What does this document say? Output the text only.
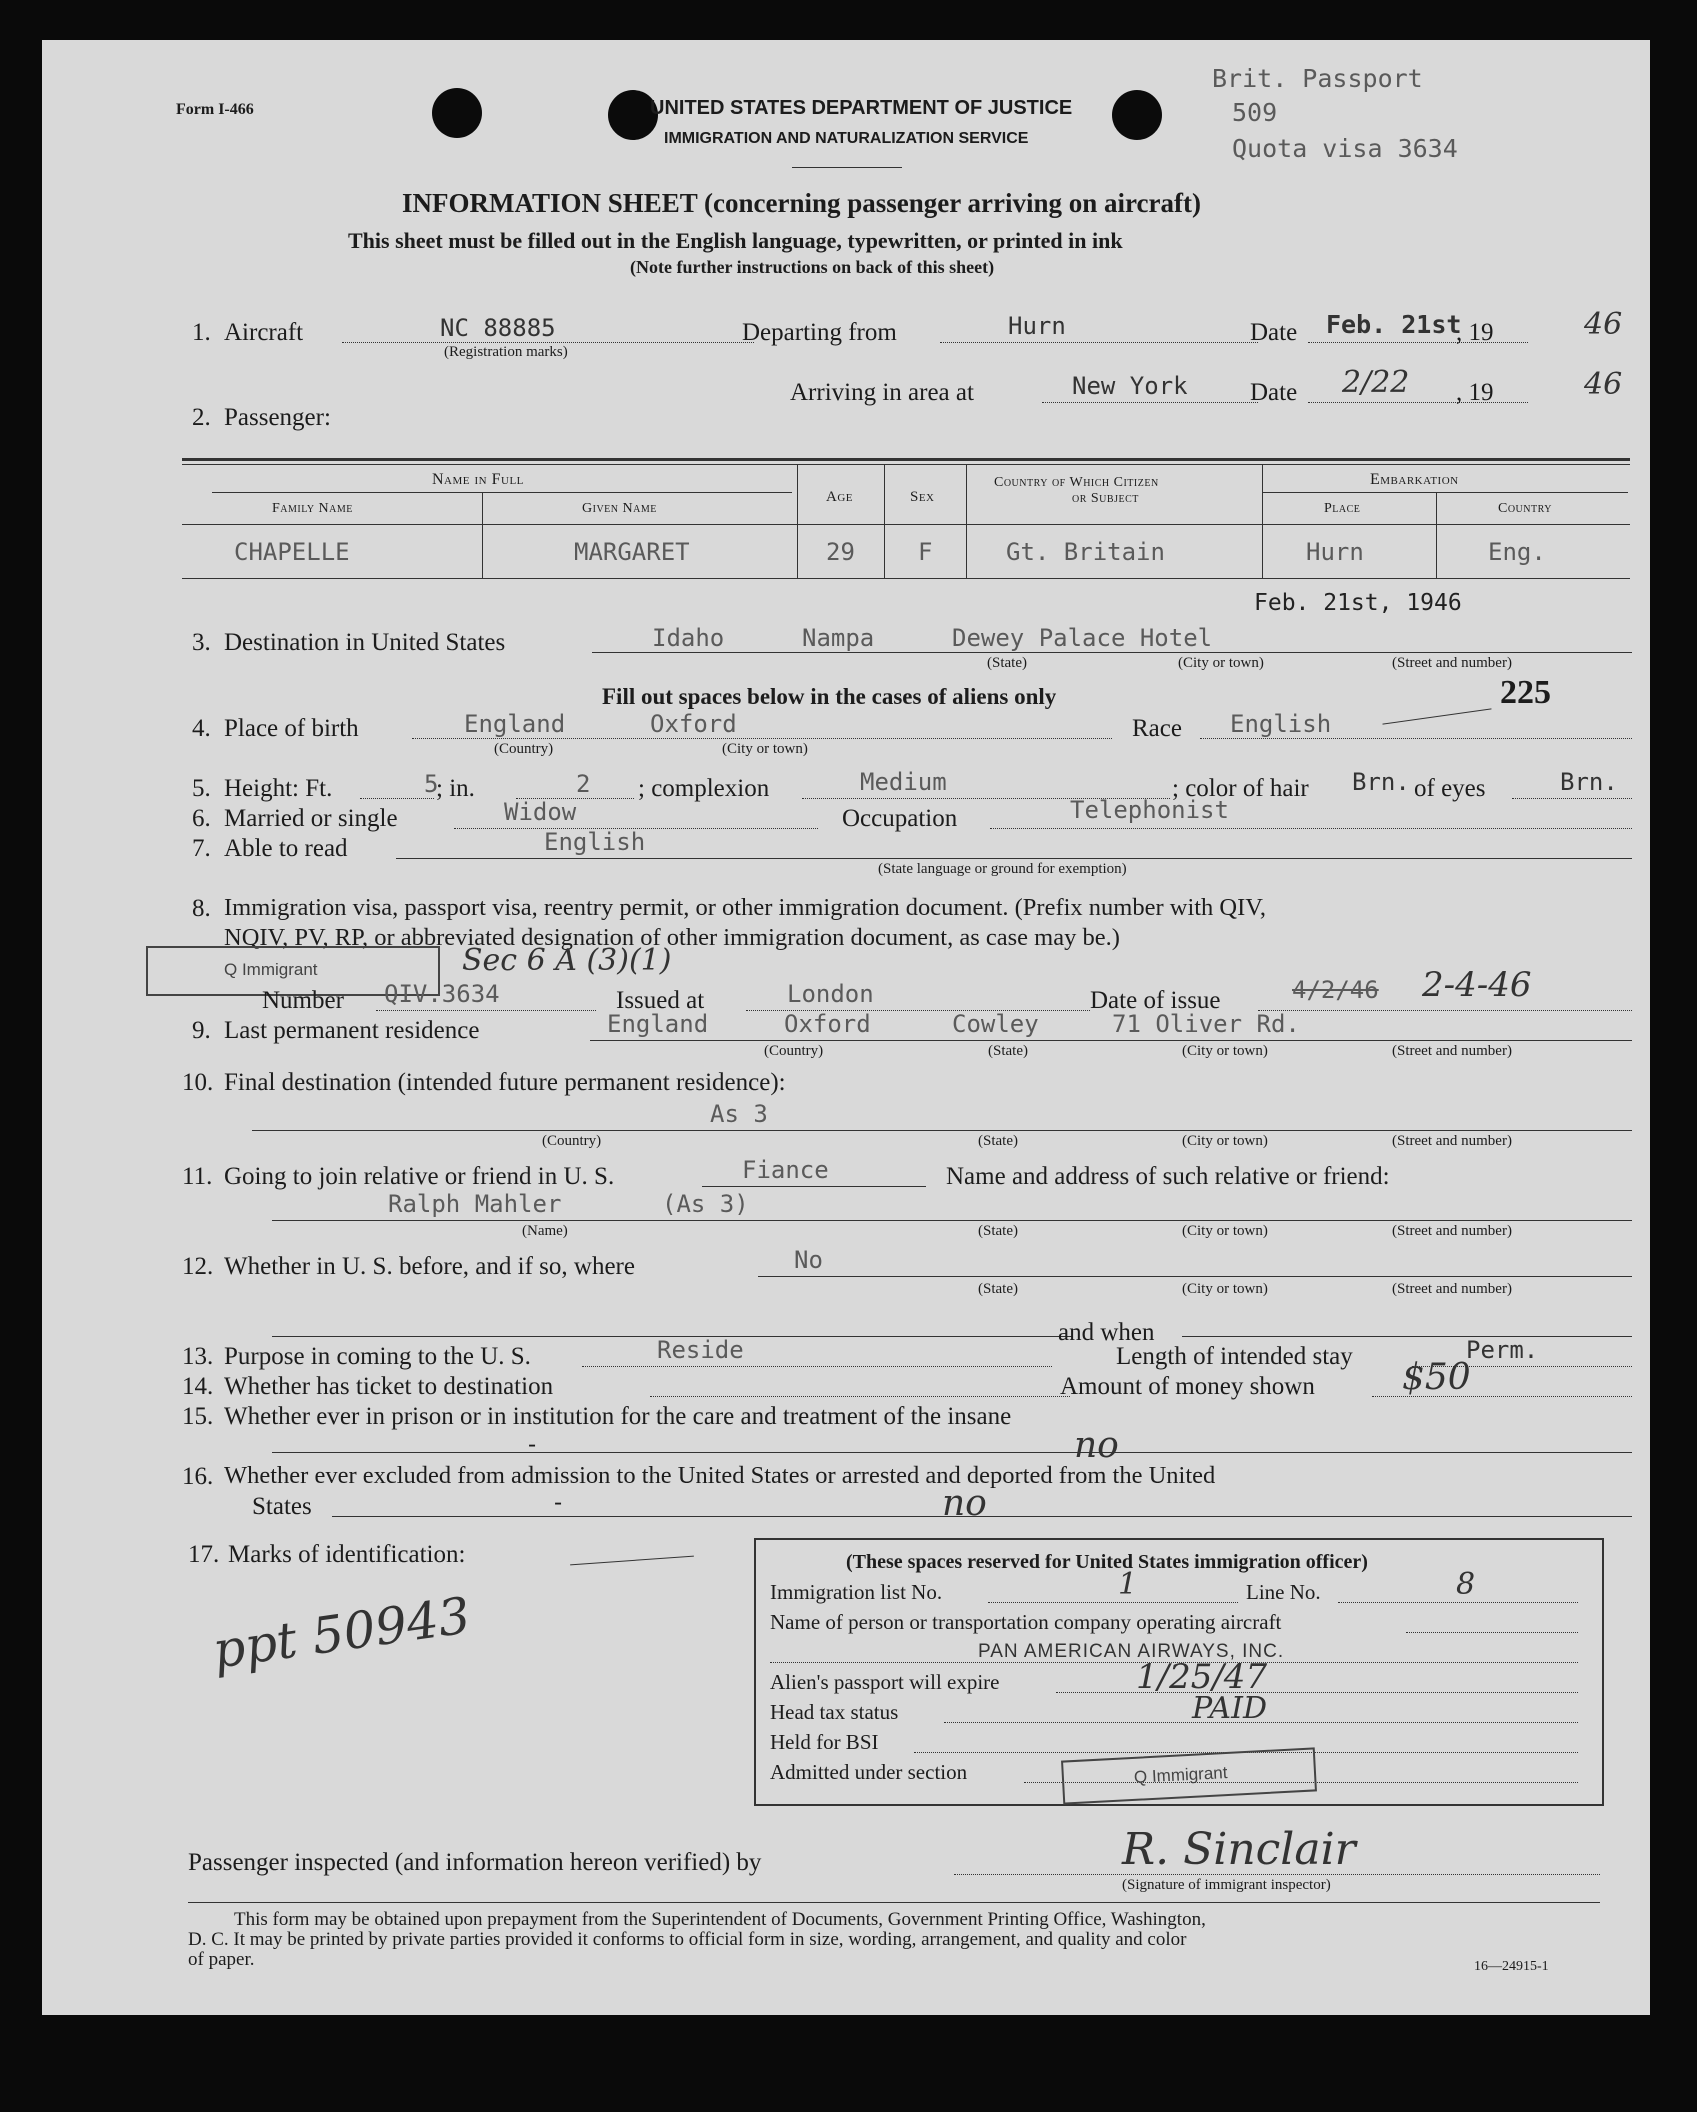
Form I-466	UNITED STATES DEPARTMENT OF JUSTICE
IMMIGRATION AND NATURALIZATION SERVICE
Brit. Passport
509
Quota visa 3634
INFORMATION SHEET (concerning passenger arriving on aircraft)
This sheet must be filled out in the English language, typewritten, or printed in ink
(Note further instructions on back of this sheet)
1. Aircraft	NC 88885
(Registration marks)
Departing from	Hurn	Date Feb. 21st
, 19	46
Arriving in area at	New York Date 2/22 , 19	46
2. Passenger:
Name in Full
Family Name	Given Name
Age	Sex
Country of Which Citizen
or Subject
Embarkation
Place	Country
CHAPELLE	MARGARET	29	F	Gt. Britain	Hurn	Eng.
Feb. 21st, 1946
3. Destination in United States	Idaho	Nampa	Dewey Palace Hotel
(State)	(City or town)	(Street and number)
Fill out spaces below in the cases of aliens only	225
4. Place of birth	England	Oxford
(Country)	(City or town)
Race English
5. Height: Ft.	5
; in.	2 ; complexion	Medium	; color of hair Brn. of eyes	Brn.
6. Married or single	Widow	Occupation	Telephonist
7. Able to read	English
(State language or ground for exemption)
8. Immigration visa, passport visa, reentry permit, or other immigration document. (Prefix number with QIV,
NQIV, PV, RP, or abbreviated designation of other immigration document, as case may be.)
Q Immigrant	Sec 6 A (3)(1)
Number QIV.3634	Issued at	London	Date of issue	4/2/46 2-4-46
9. Last permanent residence	England	Oxford	Cowley	71 Oliver Rd.
(Country)	(State)	(City or town)	(Street and number)
10. Final destination (intended future permanent residence):
As 3
(Country)	(State)	(City or town)	(Street and number)
11. Going to join relative or friend in U. S.	Fiance	Name and address of such relative or friend:
Ralph Mahler	(As 3)
(Name)	(State)	(City or town)	(Street and number)
12. Whether in U. S. before, and if so, where	No
(State)	(City or town)	(Street and number)
and when
13. Purpose in coming to the U. S.	Reside	Length of intended stay	Perm.
14. Whether has ticket to destination	Amount of money shown $50
15. Whether ever in prison or in institution for the care and treatment of the insane
-	no
16. Whether ever excluded from admission to the United States or arrested and deported from the United
States	-	no
17. Marks of identification:
ppt 50943
(These spaces reserved for United States immigration officer)
Immigration list No.	1	Line No.	8
Name of person or transportation company operating aircraft
PAN AMERICAN AIRWAYS, INC.
Alien's passport will expire	1/25/47
Head tax status	PAID
Held for BSI
Admitted under section	Q Immigrant
Passenger inspected (and information hereon verified) by	R. Sinclair
(Signature of immigrant inspector)
This form may be obtained upon prepayment from the Superintendent of Documents, Government Printing Office, Washington,
D. C. It may be printed by private parties provided it conforms to official form in size, wording, arrangement, and quality and color
of paper.	16—24915-1
